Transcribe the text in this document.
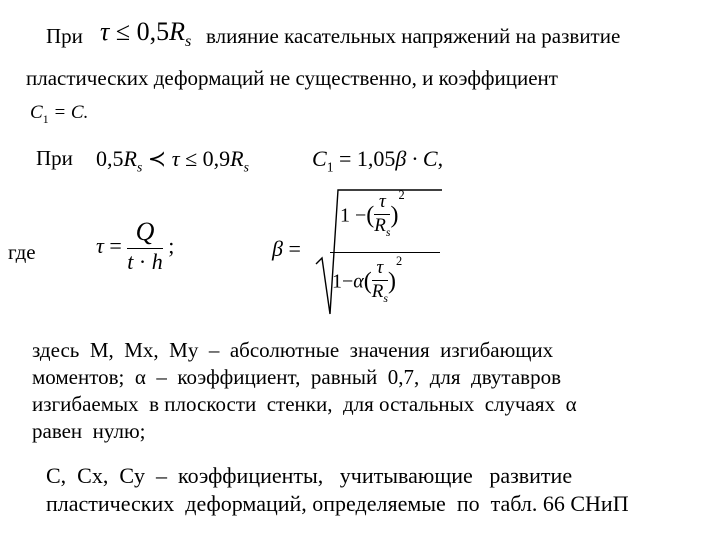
При $\tau \le 0,5R_s$ влияние касательных напряжений на развитие
пластических деформаций не существенно, и коэффициент
$C_1 = C$.
При $0,5R_s$ ≺ $\tau \le 0,9R_s$	$C_1 = 1,05\beta \cdot C$,
где	$\tau = \frac{Q}{t \cdot h}$ ;	β =
1 −( $\frac{\tau}{R_s} )^2$
$1-\alpha( \frac{\tau}{R_s} )^2$
здесь  M,  Mx,  My  –  абсолютные  значения  изгибающих
моментов;  α  –  коэффициент,  равный  0,7,  для  двутавров
изгибаемых  в плоскости  стенки,  для остальных  случаях  α
равен  нулю;
С,  Сx,  Сy  –  коэффициенты,   учитывающие   развитие
пластических  деформаций, определяемые  по  табл. 66 СНиП
